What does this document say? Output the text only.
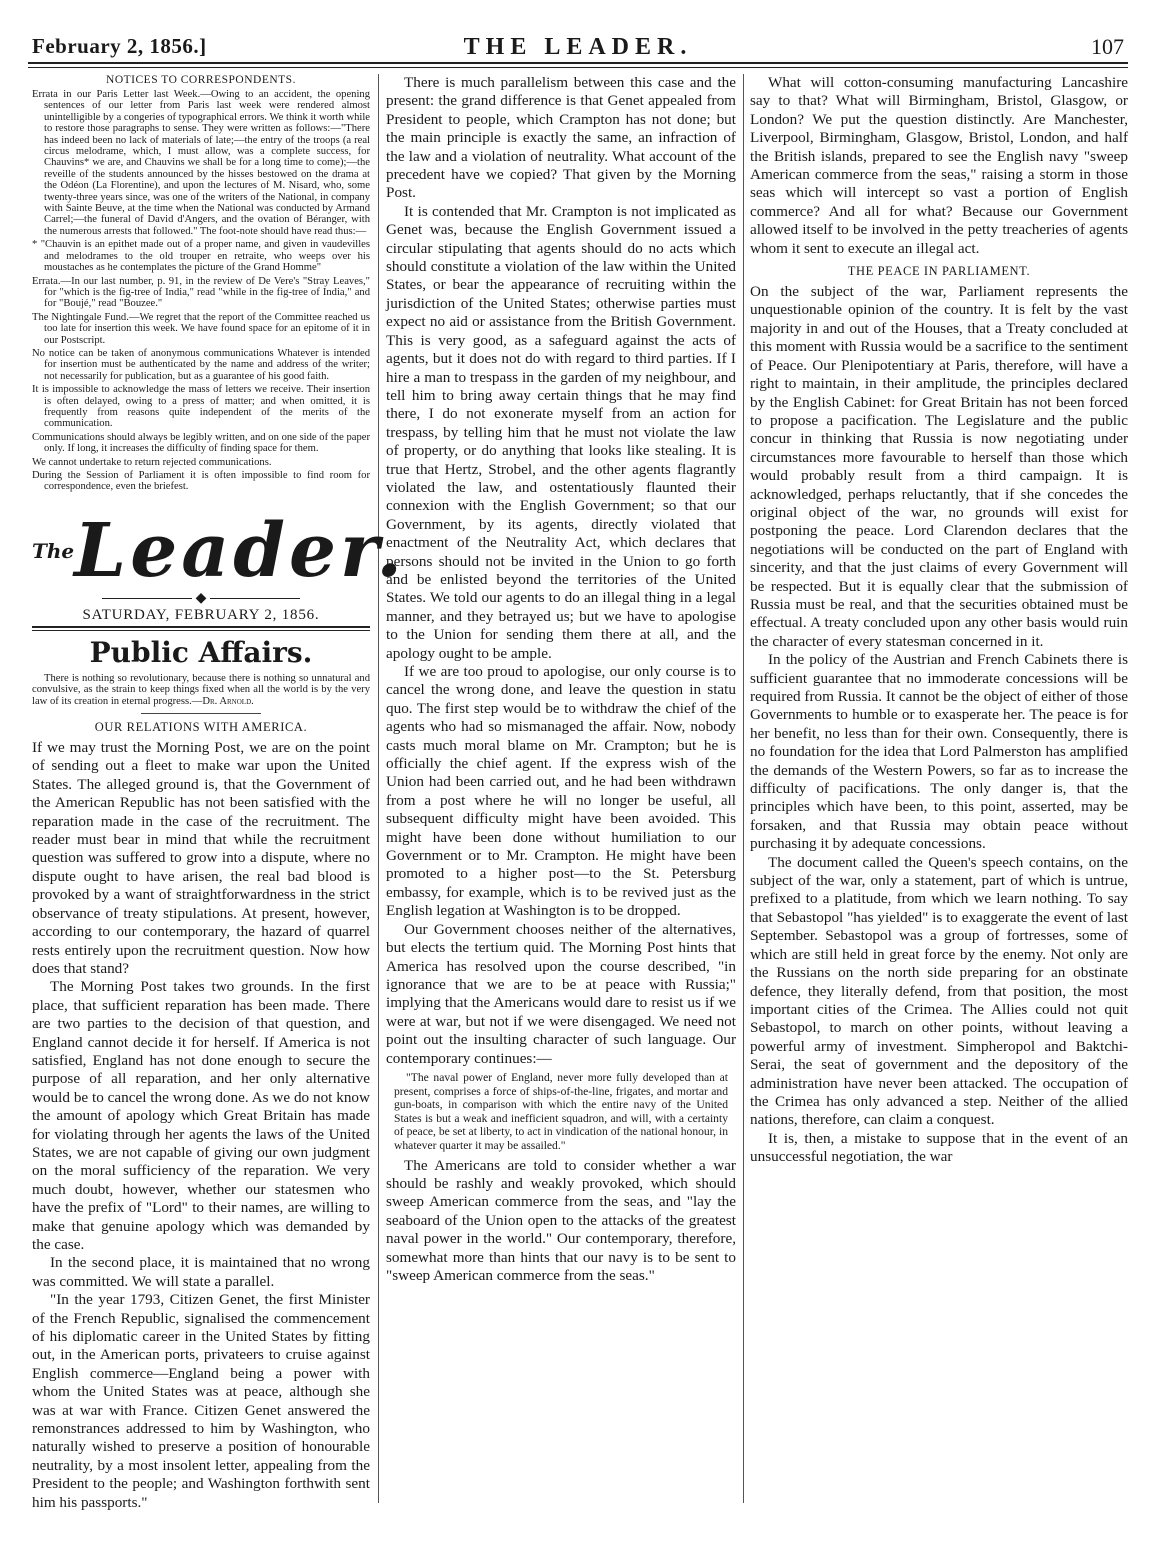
February 2, 1856.]	THE LEADER.	107
NOTICES TO CORRESPONDENTS.

Errata in our Paris Letter last Week.—Owing to an accident, the opening sentences of our letter from Paris last week were rendered almost unintelligible by a congeries of typographical errors. We think it worth while to restore those paragraphs to sense. They were written as follows:—"There has indeed been no lack of materials of late;—the entry of the troops (a real circus melodrame, which, I must allow, was a complete success, for Chauvins* we are, and Chauvins we shall be for a long time to come);—the reveille of the students announced by the hisses bestowed on the drama at the Odéon (La Florentine), and upon the lectures of M. Nisard, who, some twenty-three years since, was one of the writers of the National, in company with Sainte Beuve, at the time when the National was conducted by Armand Carrel;—the funeral of David d'Angers, and the ovation of Béranger, with the numerous arrests that followed." The foot-note should have read thus:—

* "Chauvin is an epithet made out of a proper name, and given in vaudevilles and melodrames to the old trouper en retraite, who weeps over his moustaches as he contemplates the picture of the Grand Homme"

Errata.—In our last number, p. 91, in the review of De Vere's "Stray Leaves," for "which is the fig-tree of India," read "while in the fig-tree of India," and for "Boujé," read "Bouzee."

The Nightingale Fund.—We regret that the report of the Committee reached us too late for insertion this week. We have found space for an epitome of it in our Postscript.

No notice can be taken of anonymous communications Whatever is intended for insertion must be authenticated by the name and address of the writer; not necessarily for publication, but as a guarantee of his good faith.

It is impossible to acknowledge the mass of letters we receive. Their insertion is often delayed, owing to a press of matter; and when omitted, it is frequently from reasons quite independent of the merits of the communication.

Communications should always be legibly written, and on one side of the paper only. If long, it increases the difficulty of finding space for them.

We cannot undertake to return rejected communications.

During the Session of Parliament it is often impossible to find room for correspondence, even the briefest.

$^{The}$Leader.
◆
SATURDAY, FEBRUARY 2, 1856.
Public Affairs.

There is nothing so revolutionary, because there is nothing so unnatural and convulsive, as the strain to keep things fixed when all the world is by the very law of its creation in eternal progress.—Dr. Arnold.

OUR RELATIONS WITH AMERICA.

If we may trust the Morning Post, we are on the point of sending out a fleet to make war upon the United States. The alleged ground is, that the Government of the American Republic has not been satisfied with the reparation made in the case of the recruitment. The reader must bear in mind that while the recruitment question was suffered to grow into a dispute, where no dispute ought to have arisen, the real bad blood is provoked by a want of straightforwardness in the strict observance of treaty stipulations. At present, however, according to our contemporary, the hazard of quarrel rests entirely upon the recruitment question. Now how does that stand?

The Morning Post takes two grounds. In the first place, that sufficient reparation has been made. There are two parties to the decision of that question, and England cannot decide it for herself. If America is not satisfied, England has not done enough to secure the purpose of all reparation, and her only alternative would be to cancel the wrong done. As we do not know the amount of apology which Great Britain has made for violating through her agents the laws of the United States, we are not capable of giving our own judgment on the moral sufficiency of the reparation. We very much doubt, however, whether our statesmen who have the prefix of "Lord" to their names, are willing to make that genuine apology which was demanded by the case.

In the second place, it is maintained that no wrong was committed. We will state a parallel.

"In the year 1793, Citizen Genet, the first Minister of the French Republic, signalised the commencement of his diplomatic career in the United States by fitting out, in the American ports, privateers to cruise against English commerce—England being a power with whom the United States was at peace, although she was at war with France. Citizen Genet answered the remonstrances addressed to him by Washington, who naturally wished to preserve a position of honourable neutrality, by a most insolent letter, appealing from the President to the people; and Washington forthwith sent him his passports."

There is much parallelism between this case and the present: the grand difference is that Genet appealed from President to people, which Crampton has not done; but the main principle is exactly the same, an infraction of the law and a violation of neutrality. What account of the precedent have we copied? That given by the Morning Post.

It is contended that Mr. Crampton is not implicated as Genet was, because the English Government issued a circular stipulating that agents should do no acts which should constitute a violation of the law within the United States, or bear the appearance of recruiting within the jurisdiction of the United States; otherwise parties must expect no aid or assistance from the British Government. This is very good, as a safeguard against the acts of agents, but it does not do with regard to third parties. If I hire a man to trespass in the garden of my neighbour, and tell him to bring away certain things that he may find there, I do not exonerate myself from an action for trespass, by telling him that he must not violate the law of property, or do anything that looks like stealing. It is true that Hertz, Strobel, and the other agents flagrantly violated the law, and ostentatiously flaunted their connexion with the English Government; so that our Government, by its agents, directly violated that enactment of the Neutrality Act, which declares that persons should not be invited in the Union to go forth and be enlisted beyond the territories of the United States. We told our agents to do an illegal thing in a legal manner, and they betrayed us; but we have to apologise to the Union for sending them there at all, and the apology ought to be ample.

If we are too proud to apologise, our only course is to cancel the wrong done, and leave the question in statu quo. The first step would be to withdraw the chief of the agents who had so mismanaged the affair. Now, nobody casts much moral blame on Mr. Crampton; but he is officially the chief agent. If the express wish of the Union had been carried out, and he had been withdrawn from a post where he will no longer be useful, all subsequent difficulty might have been avoided. This might have been done without humiliation to our Government or to Mr. Crampton. He might have been promoted to a higher post—to the St. Petersburg embassy, for example, which is to be revived just as the English legation at Washington is to be dropped.

Our Government chooses neither of the alternatives, but elects the tertium quid. The Morning Post hints that America has resolved upon the course described, "in ignorance that we are to be at peace with Russia;" implying that the Americans would dare to resist us if we were at war, but not if we were disengaged. We need not point out the insulting character of such language. Our contemporary continues:—

"The naval power of England, never more fully developed than at present, comprises a force of ships-of-the-line, frigates, and mortar and gun-boats, in comparison with which the entire navy of the United States is but a weak and inefficient squadron, and will, with a certainty of peace, be set at liberty, to act in vindication of the national honour, in whatever quarter it may be assailed."

The Americans are told to consider whether a war should be rashly and weakly provoked, which should sweep American commerce from the seas, and "lay the seaboard of the Union open to the attacks of the greatest naval power in the world." Our contemporary, therefore, somewhat more than hints that our navy is to be sent to "sweep American commerce from the seas."

What will cotton-consuming manufacturing Lancashire say to that? What will Birmingham, Bristol, Glasgow, or London? We put the question distinctly. Are Manchester, Liverpool, Birmingham, Glasgow, Bristol, London, and half the British islands, prepared to see the English navy "sweep American commerce from the seas," raising a storm in those seas which will intercept so vast a portion of English commerce? And all for what? Because our Government allowed itself to be involved in the petty treacheries of agents whom it sent to execute an illegal act.

THE PEACE IN PARLIAMENT.

On the subject of the war, Parliament represents the unquestionable opinion of the country. It is felt by the vast majority in and out of the Houses, that a Treaty concluded at this moment with Russia would be a sacrifice to the sentiment of Peace. Our Plenipotentiary at Paris, therefore, will have a right to maintain, in their amplitude, the principles declared by the English Cabinet: for Great Britain has not been forced to propose a pacification. The Legislature and the public concur in thinking that Russia is now negotiating under circumstances more favourable to herself than those which would probably result from a third campaign. It is acknowledged, perhaps reluctantly, that if she concedes the original object of the war, no grounds will exist for postponing the peace. Lord Clarendon declares that the negotiations will be conducted on the part of England with sincerity, and that the just claims of every Government will be respected. But it is equally clear that the submission of Russia must be real, and that the securities obtained must be effectual. A treaty concluded upon any other basis would ruin the character of every statesman concerned in it.

In the policy of the Austrian and French Cabinets there is sufficient guarantee that no immoderate concessions will be required from Russia. It cannot be the object of either of those Governments to humble or to exasperate her. The peace is for her benefit, no less than for their own. Consequently, there is no foundation for the idea that Lord Palmerston has amplified the demands of the Western Powers, so far as to increase the difficulty of pacifications. The only danger is, that the principles which have been, to this point, asserted, may be forsaken, and that Russia may obtain peace without purchasing it by adequate concessions.

The document called the Queen's speech contains, on the subject of the war, only a statement, part of which is untrue, prefixed to a platitude, from which we learn nothing. To say that Sebastopol "has yielded" is to exaggerate the event of last September. Sebastopol was a group of fortresses, some of which are still held in great force by the enemy. Not only are the Russians on the north side preparing for an obstinate defence, they literally defend, from that position, the most important cities of the Crimea. The Allies could not quit Sebastopol, to march on other points, without leaving a powerful army of investment. Simpheropol and Baktchi-Serai, the seat of government and the depository of the administration have never been attacked. The occupation of the Crimea has only advanced a step. Neither of the allied nations, therefore, can claim a conquest.

It is, then, a mistake to suppose that in the event of an unsuccessful negotiation, the war
